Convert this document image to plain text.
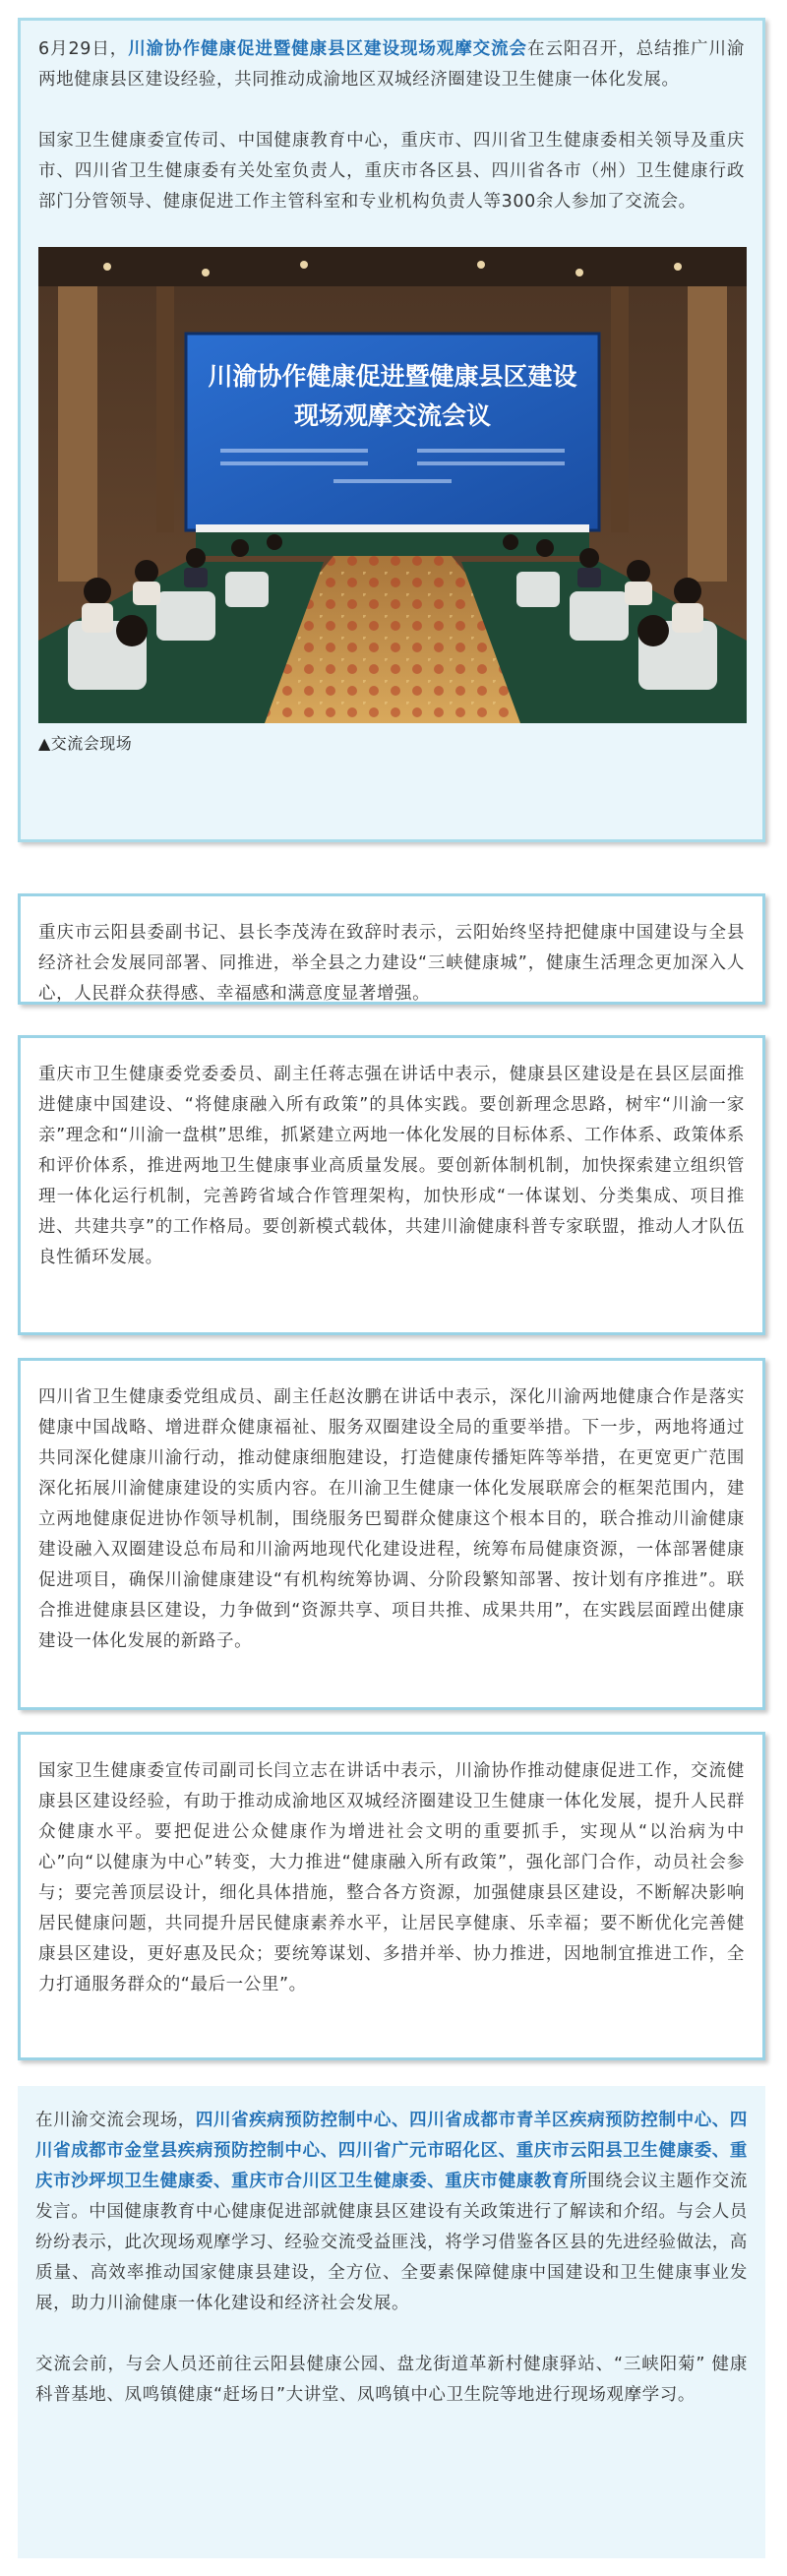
6月29日，川渝协作健康促进暨健康县区建设现场观摩交流会在云阳召开，总结推广川渝两地健康县区建设经验，共同推动成渝地区双城经济圈建设卫生健康一体化发展。

国家卫生健康委宣传司、中国健康教育中心，重庆市、四川省卫生健康委相关领导及重庆市、四川省卫生健康委有关处室负责人，重庆市各区县、四川省各市（州）卫生健康行政部门分管领导、健康促进工作主管科室和专业机构负责人等300余人参加了交流会。

川渝协作健康促进暨健康县区建设
现场观摩交流会议
▲交流会现场

重庆市云阳县委副书记、县长李茂涛在致辞时表示，云阳始终坚持把健康中国建设与全县经济社会发展同部署、同推进，举全县之力建设“三峡健康城”，健康生活理念更加深入人心，人民群众获得感、幸福感和满意度显著增强。

重庆市卫生健康委党委委员、副主任蒋志强在讲话中表示，健康县区建设是在县区层面推进健康中国建设、“将健康融入所有政策”的具体实践。要创新理念思路，树牢“川渝一家亲”理念和“川渝一盘棋”思维，抓紧建立两地一体化发展的目标体系、工作体系、政策体系和评价体系，推进两地卫生健康事业高质量发展。要创新体制机制，加快探索建立组织管理一体化运行机制，完善跨省域合作管理架构，加快形成“一体谋划、分类集成、项目推进、共建共享”的工作格局。要创新模式载体，共建川渝健康科普专家联盟，推动人才队伍良性循环发展。

四川省卫生健康委党组成员、副主任赵汝鹏在讲话中表示，深化川渝两地健康合作是落实健康中国战略、增进群众健康福祉、服务双圈建设全局的重要举措。下一步，两地将通过共同深化健康川渝行动，推动健康细胞建设，打造健康传播矩阵等举措，在更宽更广范围深化拓展川渝健康建设的实质内容。在川渝卫生健康一体化发展联席会的框架范围内，建立两地健康促进协作领导机制，围绕服务巴蜀群众健康这个根本目的，联合推动川渝健康建设融入双圈建设总布局和川渝两地现代化建设进程，统筹布局健康资源，一体部署健康促进项目，确保川渝健康建设“有机构统筹协调、分阶段繁知部署、按计划有序推进”。联合推进健康县区建设，力争做到“资源共享、项目共推、成果共用”，在实践层面蹚出健康建设一体化发展的新路子。

国家卫生健康委宣传司副司长闫立志在讲话中表示，川渝协作推动健康促进工作，交流健康县区建设经验，有助于推动成渝地区双城经济圈建设卫生健康一体化发展，提升人民群众健康水平。要把促进公众健康作为增进社会文明的重要抓手，实现从“以治病为中心”向“以健康为中心”转变，大力推进“健康融入所有政策”，强化部门合作，动员社会参与；要完善顶层设计，细化具体措施，整合各方资源，加强健康县区建设，不断解决影响居民健康问题，共同提升居民健康素养水平，让居民享健康、乐幸福；要不断优化完善健康县区建设，更好惠及民众；要统筹谋划、多措并举、协力推进，因地制宜推进工作，全力打通服务群众的“最后一公里”。

在川渝交流会现场，四川省疾病预防控制中心、四川省成都市青羊区疾病预防控制中心、四川省成都市金堂县疾病预防控制中心、四川省广元市昭化区、重庆市云阳县卫生健康委、重庆市沙坪坝卫生健康委、重庆市合川区卫生健康委、重庆市健康教育所围绕会议主题作交流发言。中国健康教育中心健康促进部就健康县区建设有关政策进行了解读和介绍。与会人员纷纷表示，此次现场观摩学习、经验交流受益匪浅，将学习借鉴各区县的先进经验做法，高质量、高效率推动国家健康县建设，全方位、全要素保障健康中国建设和卫生健康事业发展，助力川渝健康一体化建设和经济社会发展。

交流会前，与会人员还前往云阳县健康公园、盘龙街道革新村健康驿站、“三峡阳菊” 健康科普基地、凤鸣镇健康“赶场日”大讲堂、凤鸣镇中心卫生院等地进行现场观摩学习。
